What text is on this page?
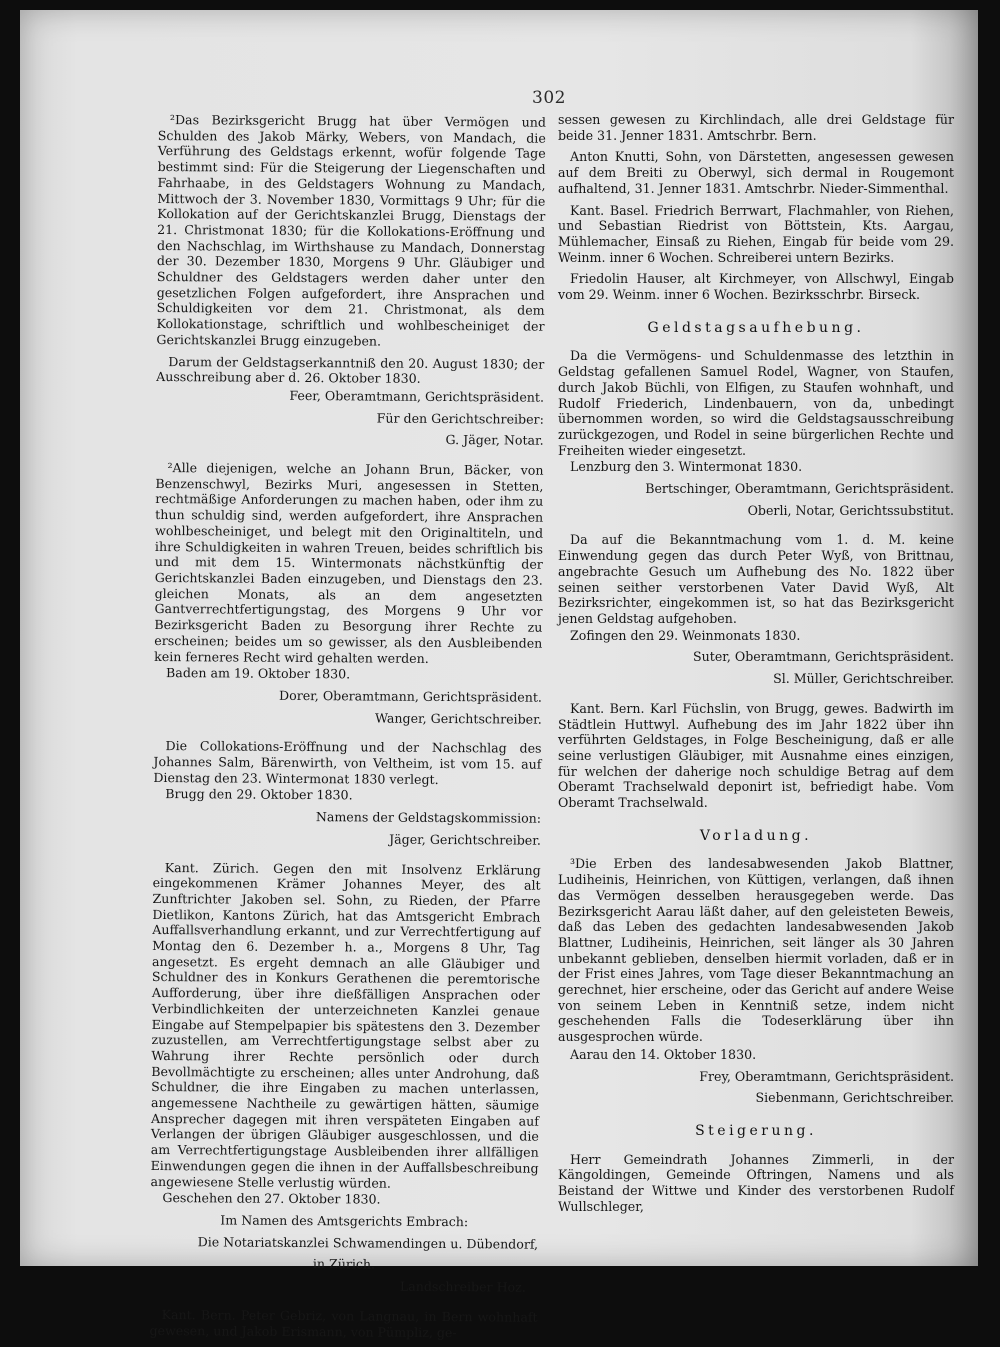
302

²Das Bezirksgericht Brugg hat über Vermögen und Schulden des Jakob Märky, Webers, von Mandach, die Verführung des Geldstags erkennt, wofür folgende Tage bestimmt sind: Für die Steigerung der Liegenschaften und Fahrhaabe, in des Geldstagers Wohnung zu Mandach, Mittwoch der 3. November 1830, Vormittags 9 Uhr; für die Kollokation auf der Gerichtskanzlei Brugg, Dienstags der 21. Christmonat 1830; für die Kollokations-Eröffnung und den Nachschlag, im Wirthshause zu Mandach, Donnerstag der 30. Dezember 1830, Morgens 9 Uhr. Gläubiger und Schuldner des Geldstagers werden daher unter den gesetzlichen Folgen aufgefordert, ihre Ansprachen und Schuldigkeiten vor dem 21. Christmonat, als dem Kollokationstage, schriftlich und wohlbescheiniget der Gerichtskanzlei Brugg einzugeben.

Darum der Geldstagserkanntniß den 20. August 1830; der Ausschreibung aber d. 26. Oktober 1830.

Feer, Oberamtmann, Gerichtspräsident.

Für den Gerichtschreiber:

G. Jäger, Notar.

²Alle diejenigen, welche an Johann Brun, Bäcker, von Benzenschwyl, Bezirks Muri, angesessen in Stetten, rechtmäßige Anforderungen zu machen haben, oder ihm zu thun schuldig sind, werden aufgefordert, ihre Ansprachen wohlbescheiniget, und belegt mit den Originaltiteln, und ihre Schuldigkeiten in wahren Treuen, beides schriftlich bis und mit dem 15. Wintermonats nächstkünftig der Gerichtskanzlei Baden einzugeben, und Dienstags den 23. gleichen Monats, als an dem angesetzten Gantverrechtfertigungstag, des Morgens 9 Uhr vor Bezirksgericht Baden zu Besorgung ihrer Rechte zu erscheinen; beides um so gewisser, als den Ausbleibenden kein ferneres Recht wird gehalten werden.

Baden am 19. Oktober 1830.

Dorer, Oberamtmann, Gerichtspräsident.

Wanger, Gerichtschreiber.

Die Collokations-Eröffnung und der Nachschlag des Johannes Salm, Bärenwirth, von Veltheim, ist vom 15. auf Dienstag den 23. Wintermonat 1830 verlegt.

Brugg den 29. Oktober 1830.

Namens der Geldstagskommission:

Jäger, Gerichtschreiber.

Kant. Zürich. Gegen den mit Insolvenz Erklärung eingekommenen Krämer Johannes Meyer, des alt Zunftrichter Jakoben sel. Sohn, zu Rieden, der Pfarre Dietlikon, Kantons Zürich, hat das Amtsgericht Embrach Auffallsverhandlung erkannt, und zur Verrechtfertigung auf Montag den 6. Dezember h. a., Morgens 8 Uhr, Tag angesetzt. Es ergeht demnach an alle Gläubiger und Schuldner des in Konkurs Gerathenen die peremtorische Aufforderung, über ihre dießfälligen Ansprachen oder Verbindlichkeiten der unterzeichneten Kanzlei genaue Eingabe auf Stempelpapier bis spätestens den 3. Dezember zuzustellen, am Verrechtfertigungstage selbst aber zu Wahrung ihrer Rechte persönlich oder durch Bevollmächtigte zu erscheinen; alles unter Androhung, daß Schuldner, die ihre Eingaben zu machen unterlassen, angemessene Nachtheile zu gewärtigen hätten, säumige Ansprecher dagegen mit ihren verspäteten Eingaben auf Verlangen der übrigen Gläubiger ausgeschlossen, und die am Verrechtfertigungstage Ausbleibenden ihrer allfälligen Einwendungen gegen die ihnen in der Auffallsbeschreibung angewiesene Stelle verlustig würden.

Geschehen den 27. Oktober 1830.

Im Namen des Amtsgerichts Embrach:

Die Notariatskanzlei Schwamendingen u. Dübendorf,

in Zürich.

Landschreiber Hoz.

Kant. Bern. Peter Gebriz, von Langnau, in Bern wohnhaft gewesen, und Jakob Erismann, von Pümpliz, ge-

sessen gewesen zu Kirchlindach, alle drei Geldstage für beide 31. Jenner 1831. Amtschrbr. Bern.

Anton Knutti, Sohn, von Därstetten, angesessen gewesen auf dem Breiti zu Oberwyl, sich dermal in Rougemont aufhaltend, 31. Jenner 1831. Amtschrbr. Nieder-Simmenthal.

Kant. Basel. Friedrich Berrwart, Flachmahler, von Riehen, und Sebastian Riedrist von Böttstein, Kts. Aargau, Mühlemacher, Einsaß zu Riehen, Eingab für beide vom 29. Weinm. inner 6 Wochen. Schreiberei untern Bezirks.

Friedolin Hauser, alt Kirchmeyer, von Allschwyl, Eingab vom 29. Weinm. inner 6 Wochen. Bezirksschrbr. Birseck.

Geldstagsaufhebung.

Da die Vermögens- und Schuldenmasse des letzthin in Geldstag gefallenen Samuel Rodel, Wagner, von Staufen, durch Jakob Büchli, von Elfigen, zu Staufen wohnhaft, und Rudolf Friederich, Lindenbauern, von da, unbedingt übernommen worden, so wird die Geldstagsausschreibung zurückgezogen, und Rodel in seine bürgerlichen Rechte und Freiheiten wieder eingesetzt.

Lenzburg den 3. Wintermonat 1830.

Bertschinger, Oberamtmann, Gerichtspräsident.

Oberli, Notar, Gerichtssubstitut.

Da auf die Bekanntmachung vom 1. d. M. keine Einwendung gegen das durch Peter Wyß, von Brittnau, angebrachte Gesuch um Aufhebung des No. 1822 über seinen seither verstorbenen Vater David Wyß, Alt Bezirksrichter, eingekommen ist, so hat das Bezirksgericht jenen Geldstag aufgehoben.

Zofingen den 29. Weinmonats 1830.

Suter, Oberamtmann, Gerichtspräsident.

Sl. Müller, Gerichtschreiber.

Kant. Bern. Karl Füchslin, von Brugg, gewes. Badwirth im Städtlein Huttwyl. Aufhebung des im Jahr 1822 über ihn verführten Geldstages, in Folge Bescheinigung, daß er alle seine verlustigen Gläubiger, mit Ausnahme eines einzigen, für welchen der daherige noch schuldige Betrag auf dem Oberamt Trachselwald deponirt ist, befriedigt habe. Vom Oberamt Trachselwald.

Vorladung.

³Die Erben des landesabwesenden Jakob Blattner, Ludiheinis, Heinrichen, von Küttigen, verlangen, daß ihnen das Vermögen desselben herausgegeben werde. Das Bezirksgericht Aarau läßt daher, auf den geleisteten Beweis, daß das Leben des gedachten landesabwesenden Jakob Blattner, Ludiheinis, Heinrichen, seit länger als 30 Jahren unbekannt geblieben, denselben hiermit vorladen, daß er in der Frist eines Jahres, vom Tage dieser Bekanntmachung an gerechnet, hier erscheine, oder das Gericht auf andere Weise von seinem Leben in Kenntniß setze, indem nicht geschehenden Falls die Todeserklärung über ihn ausgesprochen würde.

Aarau den 14. Oktober 1830.

Frey, Oberamtmann, Gerichtspräsident.

Siebenmann, Gerichtschreiber.

Steigerung.

Herr Gemeindrath Johannes Zimmerli, in der Kängoldingen, Gemeinde Oftringen, Namens und als Beistand der Wittwe und Kinder des verstorbenen Rudolf Wullschleger,
